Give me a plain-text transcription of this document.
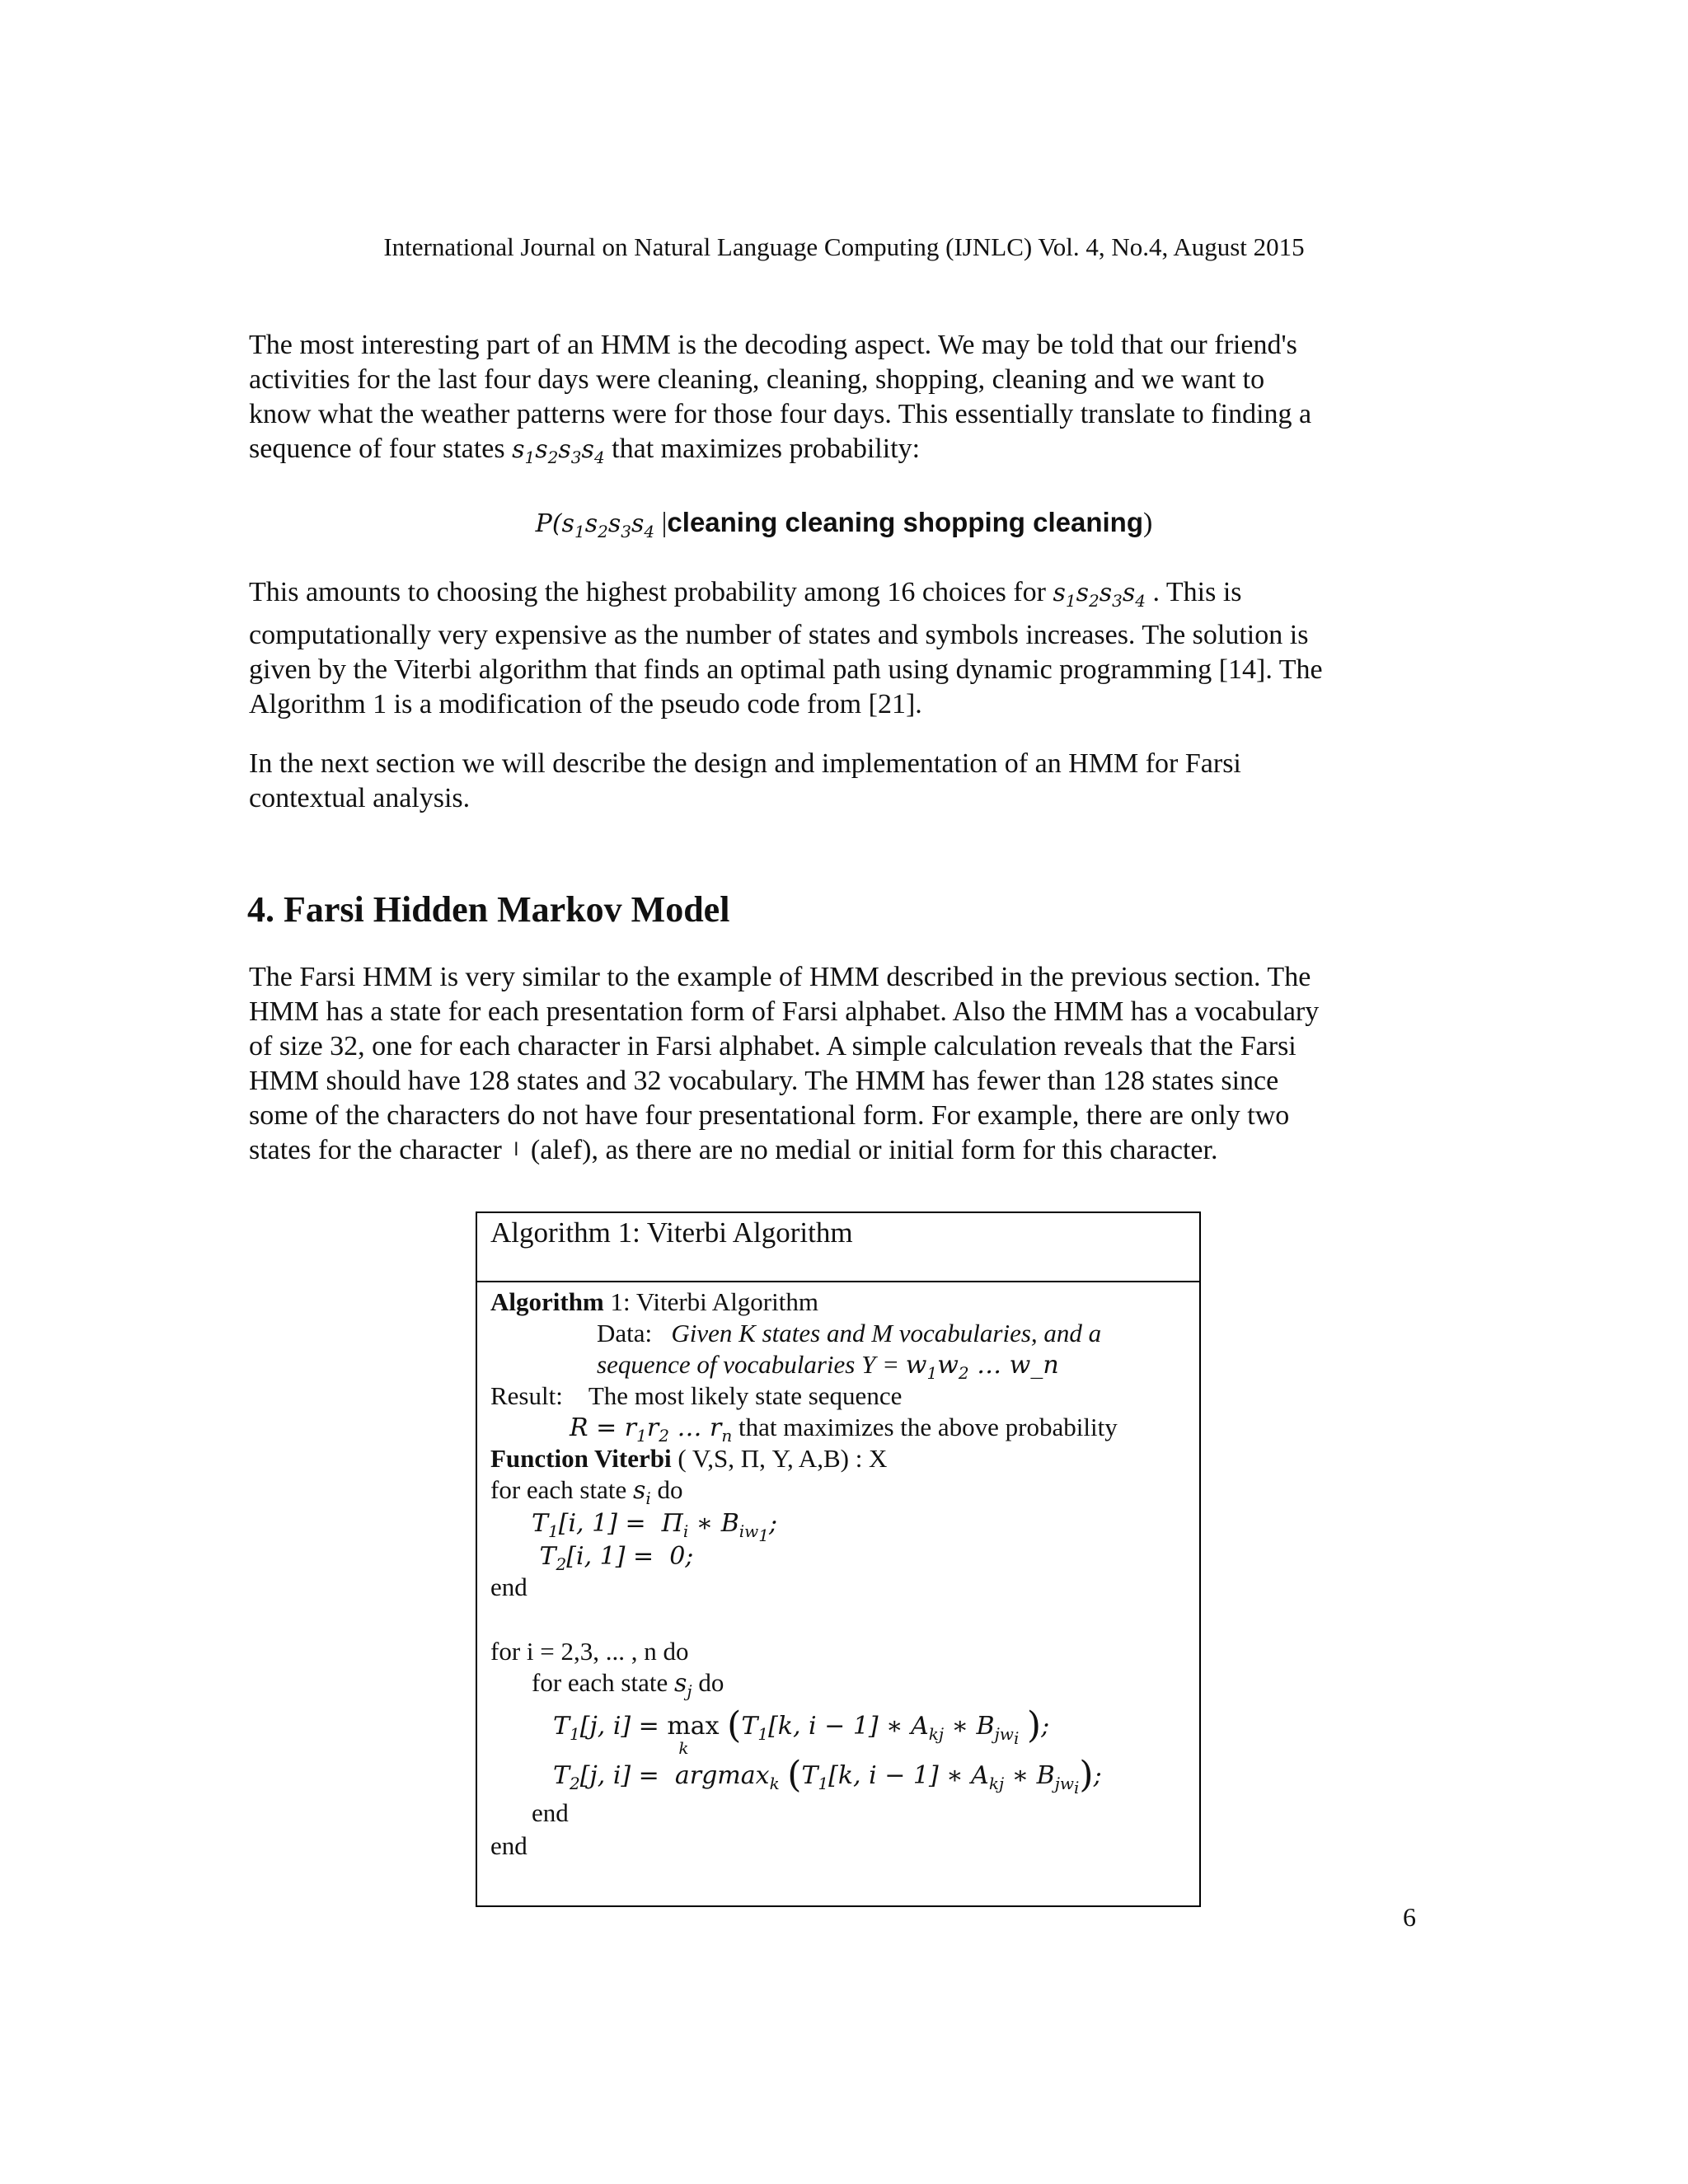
International Journal on Natural Language Computing (IJNLC) Vol. 4, No.4, August 2015
The most interesting part of an HMM is the decoding aspect. We may be told that our friend's
activities for the last four days were cleaning, cleaning, shopping, cleaning and we want to
know what the weather patterns were for those four days. This essentially translate to finding a
sequence of four states $s_1s_2s_3s_4$ that maximizes probability:
$P(s_1s_2s_3s_4$ |cleaning cleaning shopping cleaning)
This amounts to choosing the highest probability among 16 choices for $s_1s_2s_3s_4$ . This is
computationally very expensive as the number of states and symbols increases. The solution is
given by the Viterbi algorithm that finds an optimal path using dynamic programming [14]. The
Algorithm 1 is a modification of the pseudo code from [21].
In the next section we will describe the design and implementation of an HMM for Farsi
contextual analysis.
4. Farsi Hidden Markov Model
The Farsi HMM is very similar to the example of HMM described in the previous section. The
HMM has a state for each presentation form of Farsi alphabet. Also the HMM has a vocabulary
of size 32, one for each character in Farsi alphabet. A simple calculation reveals that the Farsi
HMM should have 128 states and 32 vocabulary. The HMM has fewer than 128 states since
some of the characters do not have four presentational form. For example, there are only two
states for the character ا (alef), as there are no medial or initial form for this character.
Algorithm 1: Viterbi Algorithm
Algorithm 1: Viterbi Algorithm
Data: Given K states and M vocabularies, and a
sequence of vocabularies $Y = w_1w_2$ … w_n
Result: The most likely state sequence
$R = r_1r_2$ … $r_n$ that maximizes the above probability
Function Viterbi ( V,S, Π, Y, A,B) : X
for each state $s_i$ do
$T_1[i$, $1] = \Pi_i$ ∗ $B_{iw_1}$;
$T_2[i$, 1] =  0;
end
for i = 2,3, ... , n do
for each state $s_j$ do
$T_1[j$, i] = max
k
($T_1[k$, i − 1] ∗ $A_{kj}$ ∗ $B_{jw_i}$ );
$T_2[j$, i] =  argmax$_k$ ($T_1[k$, i − 1] ∗ $A_{kj}$ ∗ $B_{jw_i}$);
end
end
6
